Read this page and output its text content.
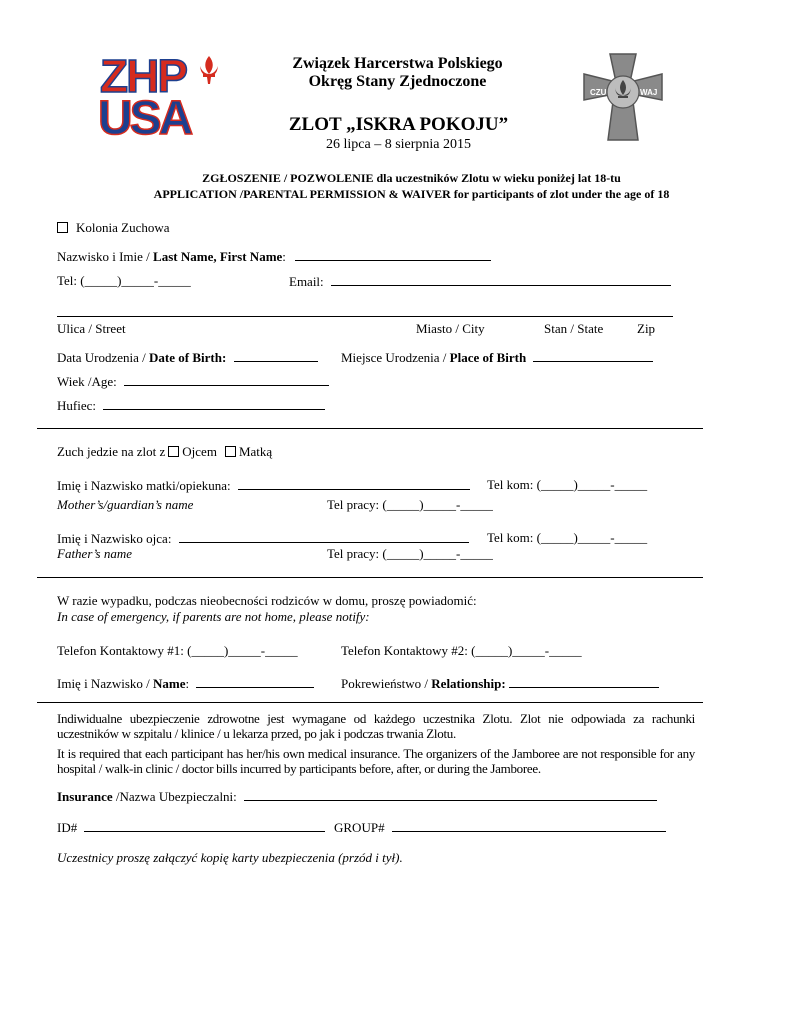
ZHP
USA
Związek Harcerstwa Polskiego
Okręg Stany Zjednoczone
CZU	WAJ
ZLOT „ISKRA POKOJU”
26 lipca – 8 sierpnia 2015
ZGŁOSZENIE / POZWOLENIE dla uczestników Zlotu w wieku poniżej lat 18-tu
APPLICATION /PARENTAL PERMISSION & WAIVER for participants of zlot under the age of 18
Kolonia Zuchowa
Nazwisko i Imie / Last Name, First Name:
Tel: (_____)_____-_____	Email:
Ulica / Street	Miasto / City	Stan / State	Zip
Data Urodzenia / Date of Birth:	Miejsce Urodzenia / Place of Birth
Wiek /Age:
Hufiec:
Zuch jedzie na zlot z Ojcem Matką
Imię i Nazwisko matki/opiekuna:	Tel kom: (_____)_____-_____
Mother’s/guardian’s name	Tel pracy: (_____)_____-_____
Imię i Nazwisko ojca:	Tel kom: (_____)_____-_____
Father’s name	Tel pracy: (_____)_____-_____
W razie wypadku, podczas nieobecności rodziców w domu, proszę powiadomić:
In case of emergency, if parents are not home, please notify:
Telefon Kontaktowy #1: (_____)_____-_____	Telefon Kontaktowy #2: (_____)_____-_____
Imię i Nazwisko / Name:	Pokrewieństwo / Relationship:
Indiwidualne ubezpieczenie zdrowotne jest wymagane od każdego uczestnika Zlotu. Zlot nie odpowiada za rachunki uczestników w szpitalu / klinice / u lekarza przed, po jak i podczas trwania Zlotu.
It is required that each participant has her/his own medical insurance. The organizers of the Jamboree are not responsible for any hospital / walk-in clinic / doctor bills incurred by participants before, after, or during the Jamboree.
Insurance /Nazwa Ubezpieczalni:
ID#	GROUP#
Uczestnicy proszę załączyć kopię karty ubezpieczenia (przód i tył).
